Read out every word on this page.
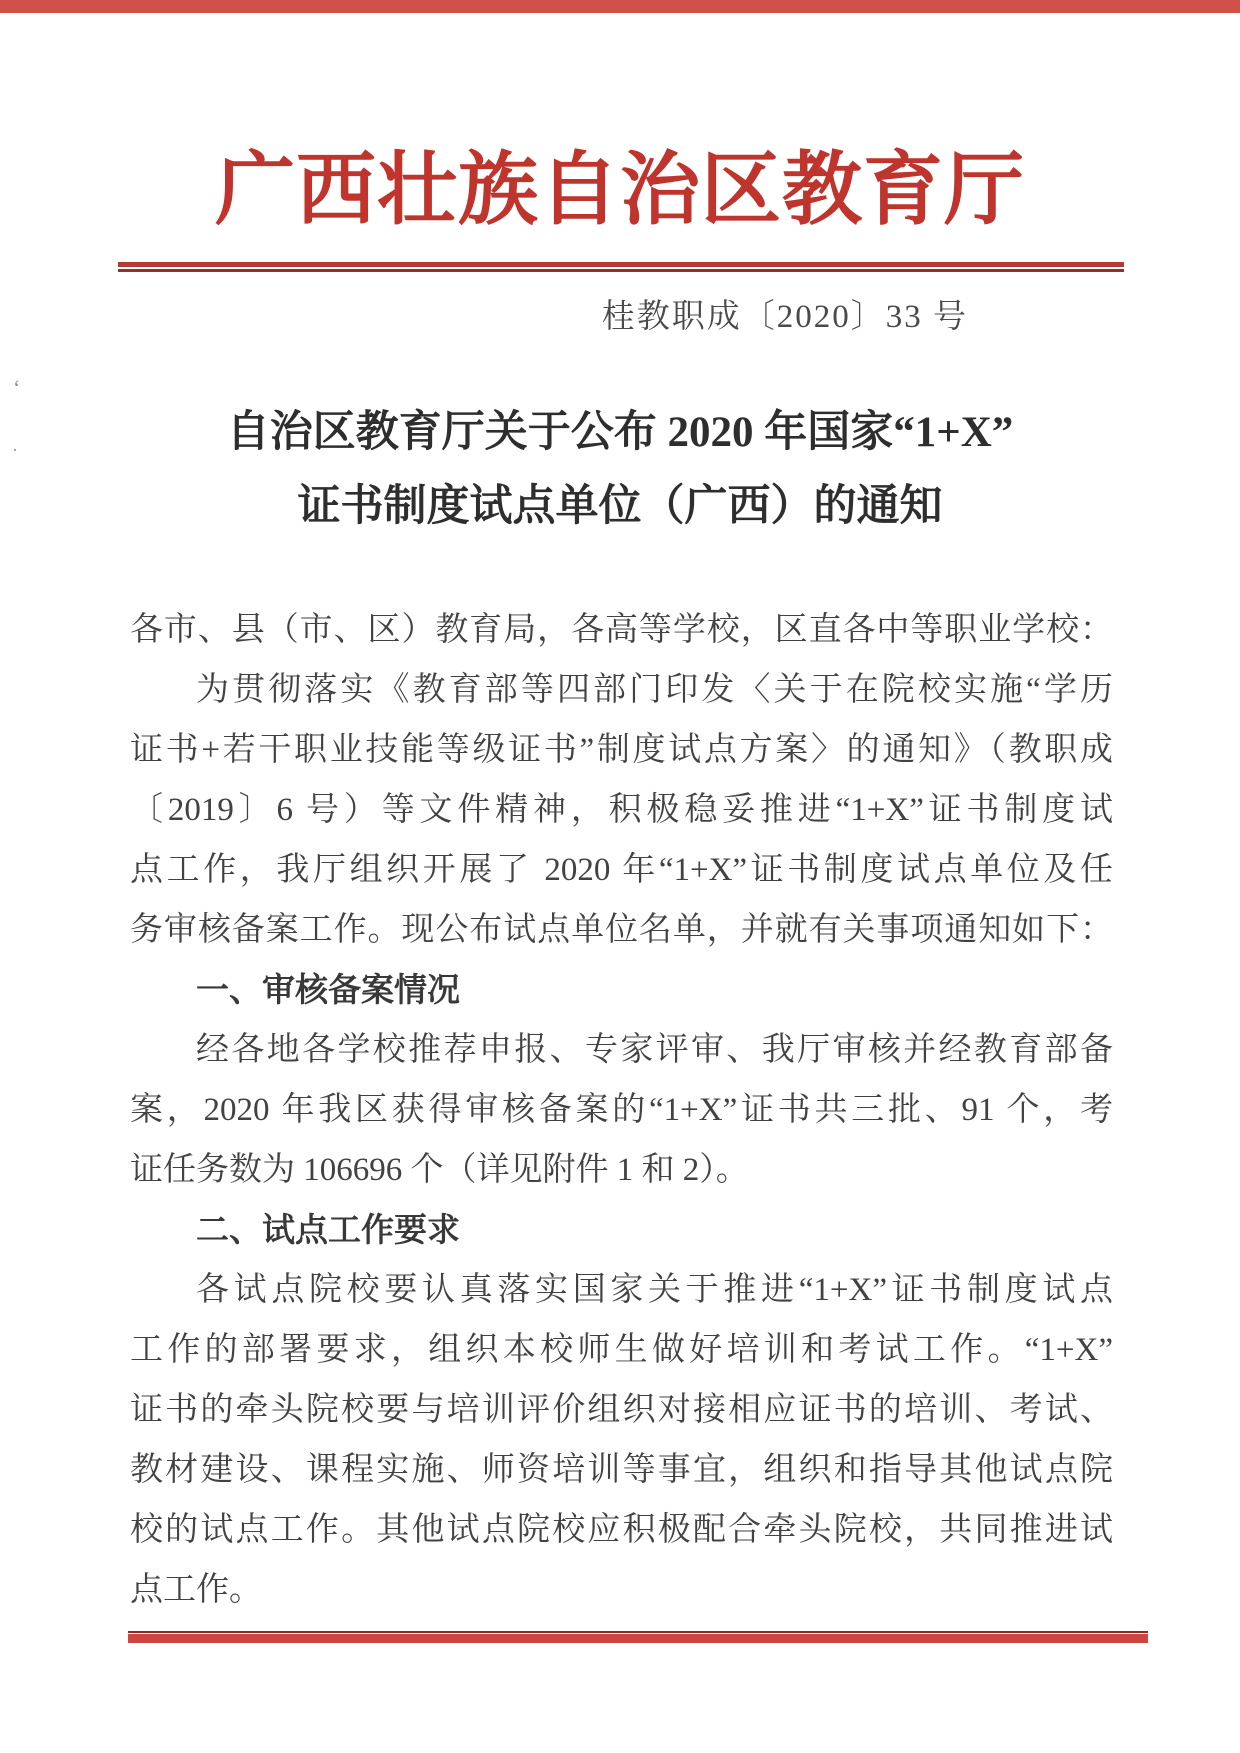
广西壮族自治区教育厅
桂教职成〔2020〕33 号
自治区教育厅关于公布 2020 年国家“1+X”
证书制度试点单位（广西）的通知
各市、县（市、区）教育局，各高等学校，区直各中等职业学校：
为贯彻落实《教育部等四部门印发〈关于在院校实施“学历
证书+若干职业技能等级证书”制度试点方案〉的通知》（教职成
〔2019〕6 号）等文件精神，积极稳妥推进“1+X”证书制度试
点工作，我厅组织开展了 2020 年“1+X”证书制度试点单位及任
务审核备案工作。现公布试点单位名单，并就有关事项通知如下：
一、审核备案情况
经各地各学校推荐申报、专家评审、我厅审核并经教育部备
案，2020 年我区获得审核备案的“1+X”证书共三批、91 个，考
证任务数为 106696 个（详见附件 1 和 2）。
二、试点工作要求
各试点院校要认真落实国家关于推进“1+X”证书制度试点
工作的部署要求，组织本校师生做好培训和考试工作。“1+X”
证书的牵头院校要与培训评价组织对接相应证书的培训、考试、
教材建设、课程实施、师资培训等事宜，组织和指导其他试点院
校的试点工作。其他试点院校应积极配合牵头院校，共同推进试
点工作。
ʻ
·
